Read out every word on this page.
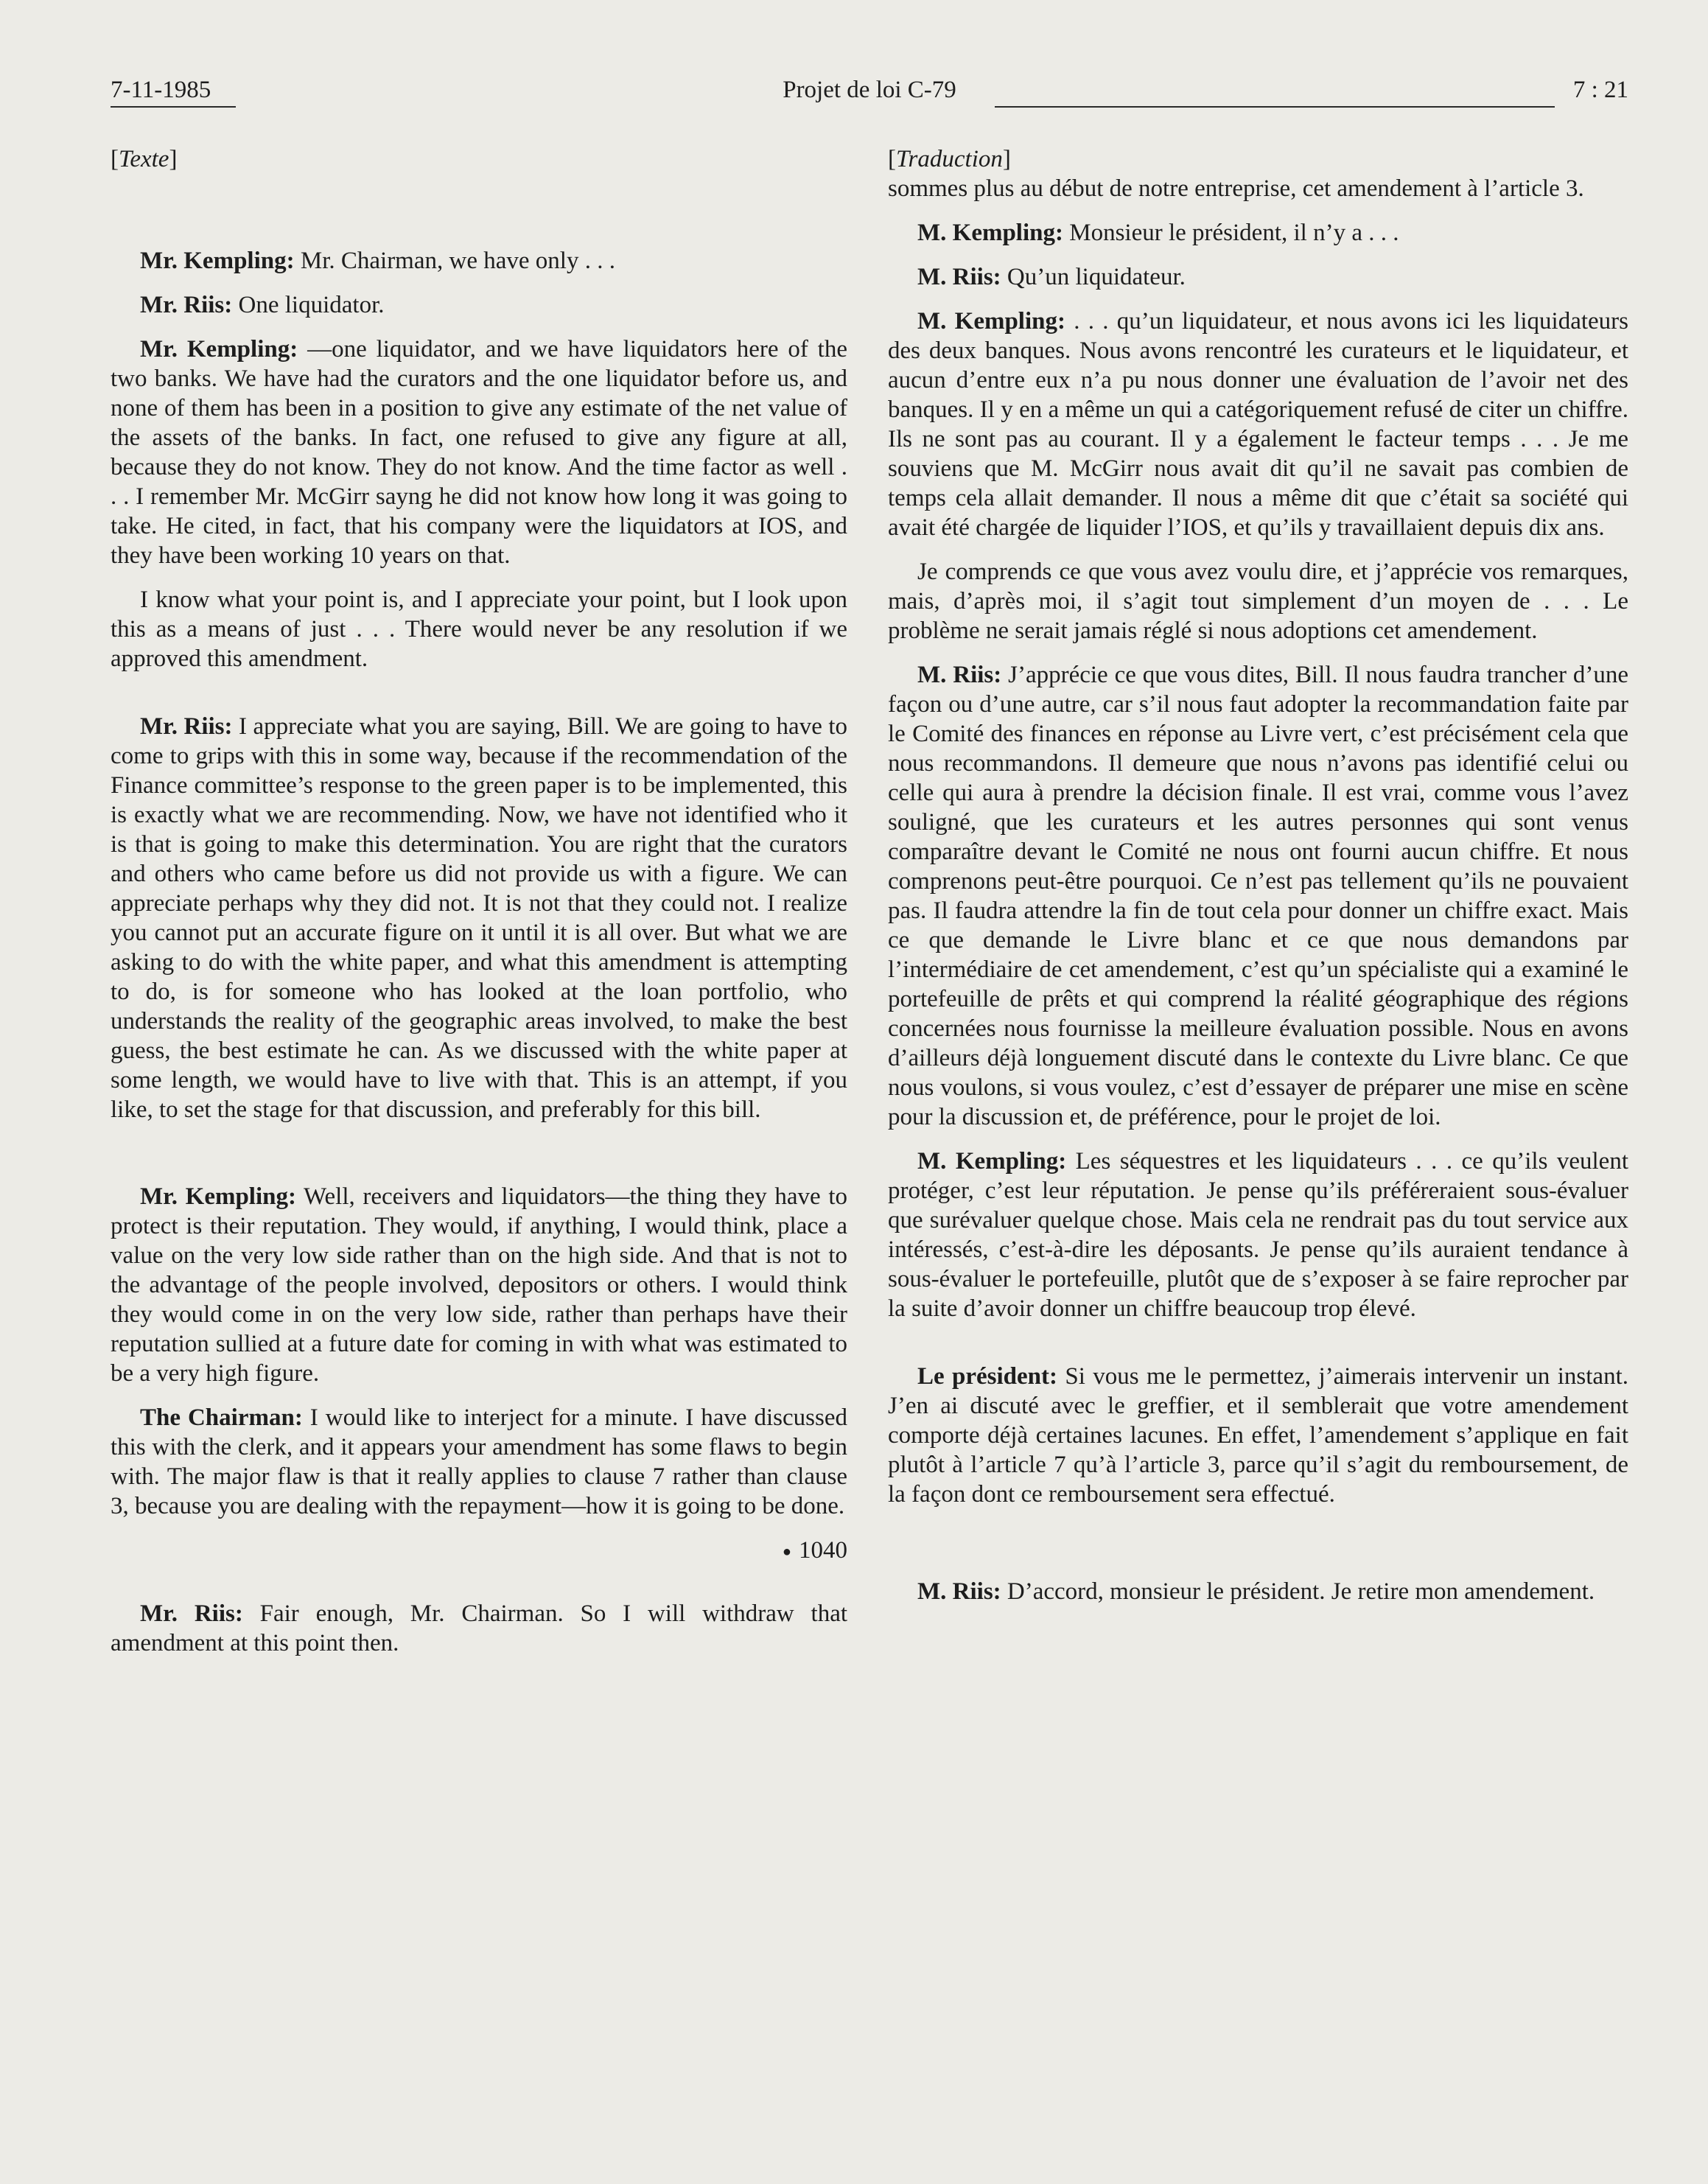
7-11-1985	Projet de loi C-79	7 : 21
[Texte]

Mr. Kempling: Mr. Chairman, we have only . . .

Mr. Riis: One liquidator.

Mr. Kempling: —one liquidator, and we have liquidators here of the two banks. We have had the curators and the one liquidator before us, and none of them has been in a position to give any estimate of the net value of the assets of the banks. In fact, one refused to give any figure at all, because they do not know. They do not know. And the time factor as well . . . I remember Mr. McGirr sayng he did not know how long it was going to take. He cited, in fact, that his company were the liquidators at IOS, and they have been working 10 years on that.

I know what your point is, and I appreciate your point, but I look upon this as a means of just . . . There would never be any resolution if we approved this amendment.

Mr. Riis: I appreciate what you are saying, Bill. We are going to have to come to grips with this in some way, because if the recommendation of the Finance committee’s response to the green paper is to be implemented, this is exactly what we are recommending. Now, we have not identified who it is that is going to make this determination. You are right that the curators and others who came before us did not provide us with a figure. We can appreciate perhaps why they did not. It is not that they could not. I realize you cannot put an accurate figure on it until it is all over. But what we are asking to do with the white paper, and what this amendment is attempting to do, is for someone who has looked at the loan portfolio, who understands the reality of the geographic areas involved, to make the best guess, the best estimate he can. As we discussed with the white paper at some length, we would have to live with that. This is an attempt, if you like, to set the stage for that discussion, and preferably for this bill.

Mr. Kempling: Well, receivers and liquidators—the thing they have to protect is their reputation. They would, if anything, I would think, place a value on the very low side rather than on the high side. And that is not to the advantage of the people involved, depositors or others. I would think they would come in on the very low side, rather than perhaps have their reputation sullied at a future date for coming in with what was estimated to be a very high figure.

The Chairman: I would like to interject for a minute. I have discussed this with the clerk, and it appears your amendment has some flaws to begin with. The major flaw is that it really applies to clause 7 rather than clause 3, because you are dealing with the repayment—how it is going to be done.

● 1040

Mr. Riis: Fair enough, Mr. Chairman. So I will withdraw that amendment at this point then.

[Traduction]

sommes plus au début de notre entreprise, cet amendement à l’article 3.

M. Kempling: Monsieur le président, il n’y a . . .

M. Riis: Qu’un liquidateur.

M. Kempling: . . . qu’un liquidateur, et nous avons ici les liquidateurs des deux banques. Nous avons rencontré les curateurs et le liquidateur, et aucun d’entre eux n’a pu nous donner une évaluation de l’avoir net des banques. Il y en a même un qui a catégoriquement refusé de citer un chiffre. Ils ne sont pas au courant. Il y a également le facteur temps . . . Je me souviens que M. McGirr nous avait dit qu’il ne savait pas combien de temps cela allait demander. Il nous a même dit que c’était sa société qui avait été chargée de liquider l’IOS, et qu’ils y travaillaient depuis dix ans.

Je comprends ce que vous avez voulu dire, et j’apprécie vos remarques, mais, d’après moi, il s’agit tout simplement d’un moyen de . . . Le problème ne serait jamais réglé si nous adoptions cet amendement.

M. Riis: J’apprécie ce que vous dites, Bill. Il nous faudra trancher d’une façon ou d’une autre, car s’il nous faut adopter la recommandation faite par le Comité des finances en réponse au Livre vert, c’est précisément cela que nous recommandons. Il demeure que nous n’avons pas identifié celui ou celle qui aura à prendre la décision finale. Il est vrai, comme vous l’avez souligné, que les curateurs et les autres personnes qui sont venus comparaître devant le Comité ne nous ont fourni aucun chiffre. Et nous comprenons peut-être pourquoi. Ce n’est pas tellement qu’ils ne pouvaient pas. Il faudra attendre la fin de tout cela pour donner un chiffre exact. Mais ce que demande le Livre blanc et ce que nous demandons par l’intermédiaire de cet amendement, c’est qu’un spécialiste qui a examiné le portefeuille de prêts et qui comprend la réalité géographique des régions concernées nous fournisse la meilleure évaluation possible. Nous en avons d’ailleurs déjà longuement discuté dans le contexte du Livre blanc. Ce que nous voulons, si vous voulez, c’est d’essayer de préparer une mise en scène pour la discussion et, de préférence, pour le projet de loi.

M. Kempling: Les séquestres et les liquidateurs . . . ce qu’ils veulent protéger, c’est leur réputation. Je pense qu’ils préféreraient sous-évaluer que surévaluer quelque chose. Mais cela ne rendrait pas du tout service aux intéressés, c’est-à-dire les déposants. Je pense qu’ils auraient tendance à sous-évaluer le portefeuille, plutôt que de s’exposer à se faire reprocher par la suite d’avoir donner un chiffre beaucoup trop élevé.

Le président: Si vous me le permettez, j’aimerais intervenir un instant. J’en ai discuté avec le greffier, et il semblerait que votre amendement comporte déjà certaines lacunes. En effet, l’amendement s’applique en fait plutôt à l’article 7 qu’à l’article 3, parce qu’il s’agit du remboursement, de la façon dont ce remboursement sera effectué.

M. Riis: D’accord, monsieur le président. Je retire mon amendement.
